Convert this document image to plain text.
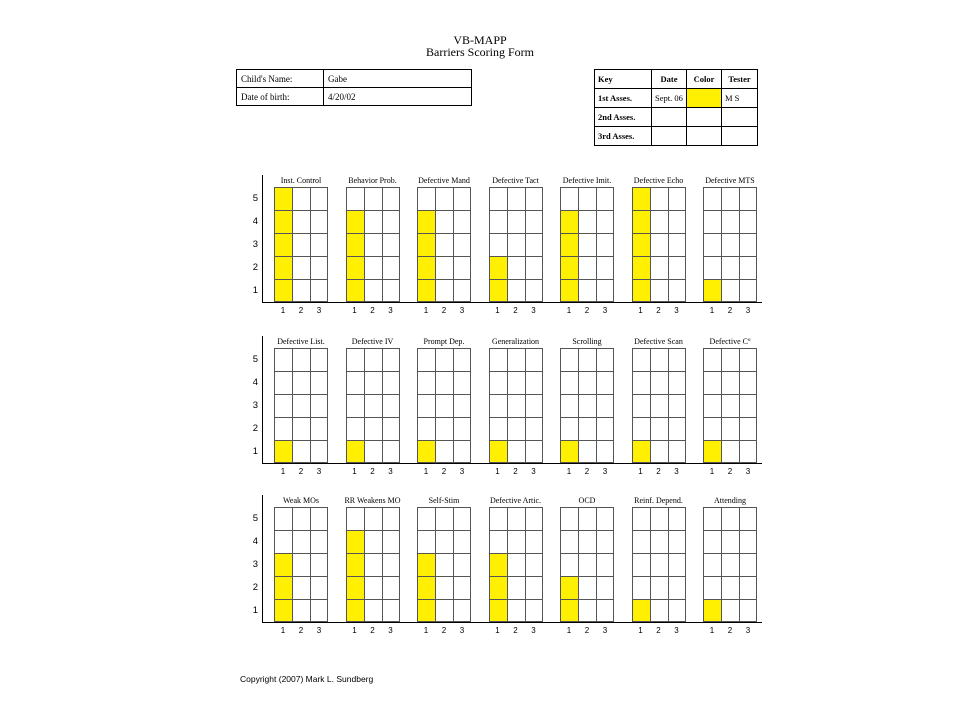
VB-MAPP
Barriers Scoring Form
Child's Name:	Gabe
Date of birth:	4/20/02
Key	Date	Color	Tester
1st Asses.	Sept. 06		M S
2nd Asses.			
3rd Asses.			
1
2
3
4
5
Inst. Control
1	2	3
Behavior Prob.
1	2	3
Defective Mand
1	2	3
Defective Tact
1	2	3
Defective Imit.
1	2	3
Defective Echo
1	2	3
Defective MTS
1	2	3
1
2
3
4
5
Defective List.
1	2	3
Defective IV
1	2	3
Prompt Dep.
1	2	3
Generalization
1	2	3
Scrolling
1	2	3
Defective Scan
1	2	3
Defective Cº
1	2	3
1
2
3
4
5
Weak MOs
1	2	3
RR Weakens MO
1	2	3
Self-Stim
1	2	3
Defective Artic.
1	2	3
OCD
1	2	3
Reinf. Depend.
1	2	3
Attending
1	2	3
Copyright (2007) Mark L. Sundberg
